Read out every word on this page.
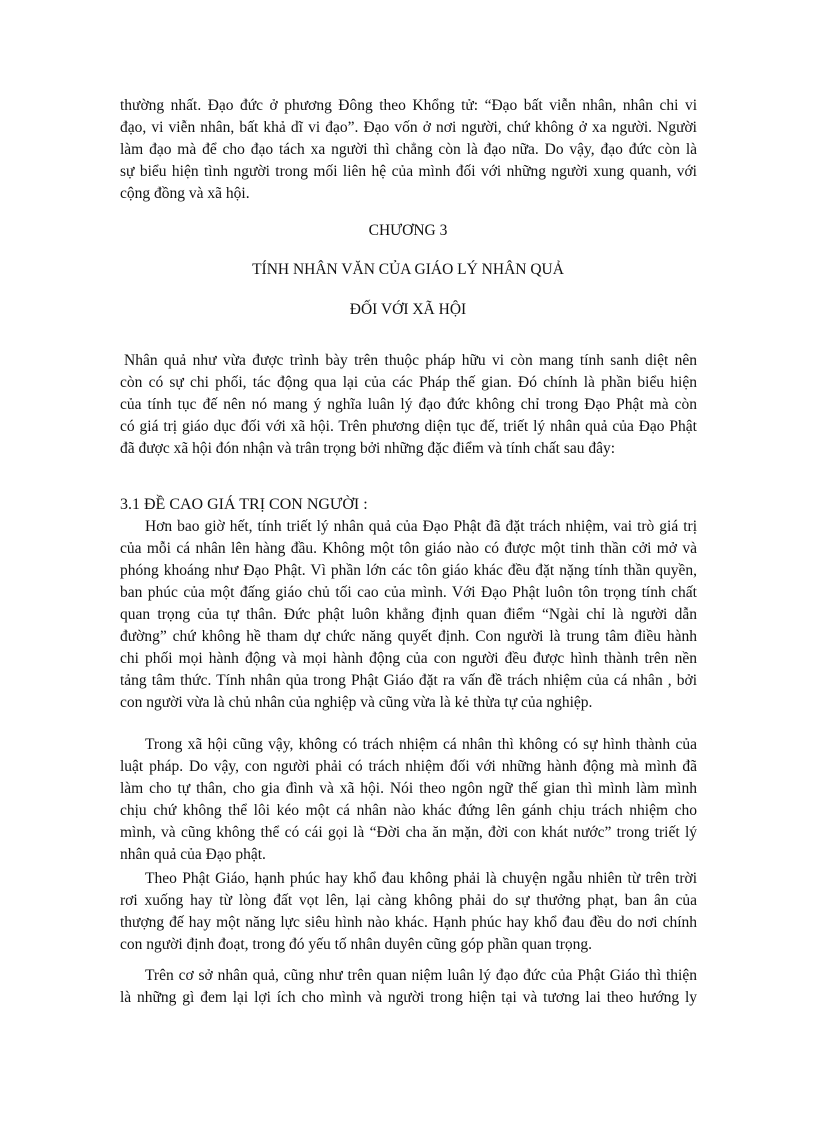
CHƯƠNG 3
TÍNH NHÂN VĂN CỦA GIÁO LÝ NHÂN QUẢ
ĐỐI VỚI XÃ HỘI
3.1 ĐỀ CAO GIÁ TRỊ CON NGƯỜI :
thường nhất. Đạo đức ở phương Đông theo Khổng tử: “Đạo bất viễn nhân, nhân chi vi
đạo, vi viễn nhân, bất khả dĩ vi đạo”. Đạo vốn ở nơi người, chứ không ở xa người. Người
làm đạo mà để cho đạo tách xa người thì chẳng còn là đạo nữa. Do vậy, đạo đức còn là
sự biểu hiện tình người trong mối liên hệ của mình đối với những người xung quanh, với
cộng đồng và xã hội.
Nhân quả như vừa được trình bày trên thuộc pháp hữu vi còn mang tính sanh diệt nên
còn có sự chi phối, tác động qua lại của các Pháp thế gian. Đó chính là phần biểu hiện
của tính tục đế nên nó mang ý nghĩa luân lý đạo đức không chỉ trong Đạo Phật mà còn
có giá trị giáo dục đối với xã hội. Trên phương diện tục đế, triết lý nhân quả của Đạo Phật
đã được xã hội đón nhận và trân trọng bởi những đặc điểm và tính chất sau đây:
Hơn bao giờ hết, tính triết lý nhân quả của Đạo Phật đã đặt trách nhiệm, vai trò giá trị
của mỗi cá nhân lên hàng đầu. Không một tôn giáo nào có được một tinh thần cởi mở và
phóng khoáng như Đạo Phật. Vì phần lớn các tôn giáo khác đều đặt nặng tính thần quyền,
ban phúc của một đấng giáo chủ tối cao của mình. Với Đạo Phật luôn tôn trọng tính chất
quan trọng của tự thân. Đức phật luôn khẳng định quan điểm “Ngài chỉ là người dẫn
đường” chứ không hề tham dự chức năng quyết định. Con người là trung tâm điều hành
chi phối mọi hành động và mọi hành động của con người đều được hình thành trên nền
tảng tâm thức. Tính nhân qủa trong Phật Giáo đặt ra vấn đề trách nhiệm của cá nhân , bởi
con người vừa là chủ nhân của nghiệp và cũng vừa là kẻ thừa tự của nghiệp.
Trong xã hội cũng vậy, không có trách nhiệm cá nhân thì không có sự hình thành của
luật pháp. Do vậy, con người phải có trách nhiệm đối với những hành động mà mình đã
làm cho tự thân, cho gia đình và xã hội. Nói theo ngôn ngữ thế gian thì mình làm mình
chịu chứ không thể lôi kéo một cá nhân nào khác đứng lên gánh chịu trách nhiệm cho
mình, và cũng không thể có cái gọi là “Đời cha ăn mặn, đời con khát nước” trong triết lý
nhân quả của Đạo phật.
Theo Phật Giáo, hạnh phúc hay khổ đau không phải là chuyện ngẫu nhiên từ trên trời
rơi xuống hay từ lòng đất vọt lên, lại càng không phải do sự thưởng phạt, ban ân của
thượng đế hay một năng lực siêu hình nào khác. Hạnh phúc hay khổ đau đều do nơi chính
con người định đoạt, trong đó yếu tố nhân duyên cũng góp phần quan trọng.
Trên cơ sở nhân quả, cũng như trên quan niệm luân lý đạo đức của Phật Giáo thì thiện
là những gì đem lại lợi ích cho mình và người trong hiện tại và tương lai theo hướng ly
